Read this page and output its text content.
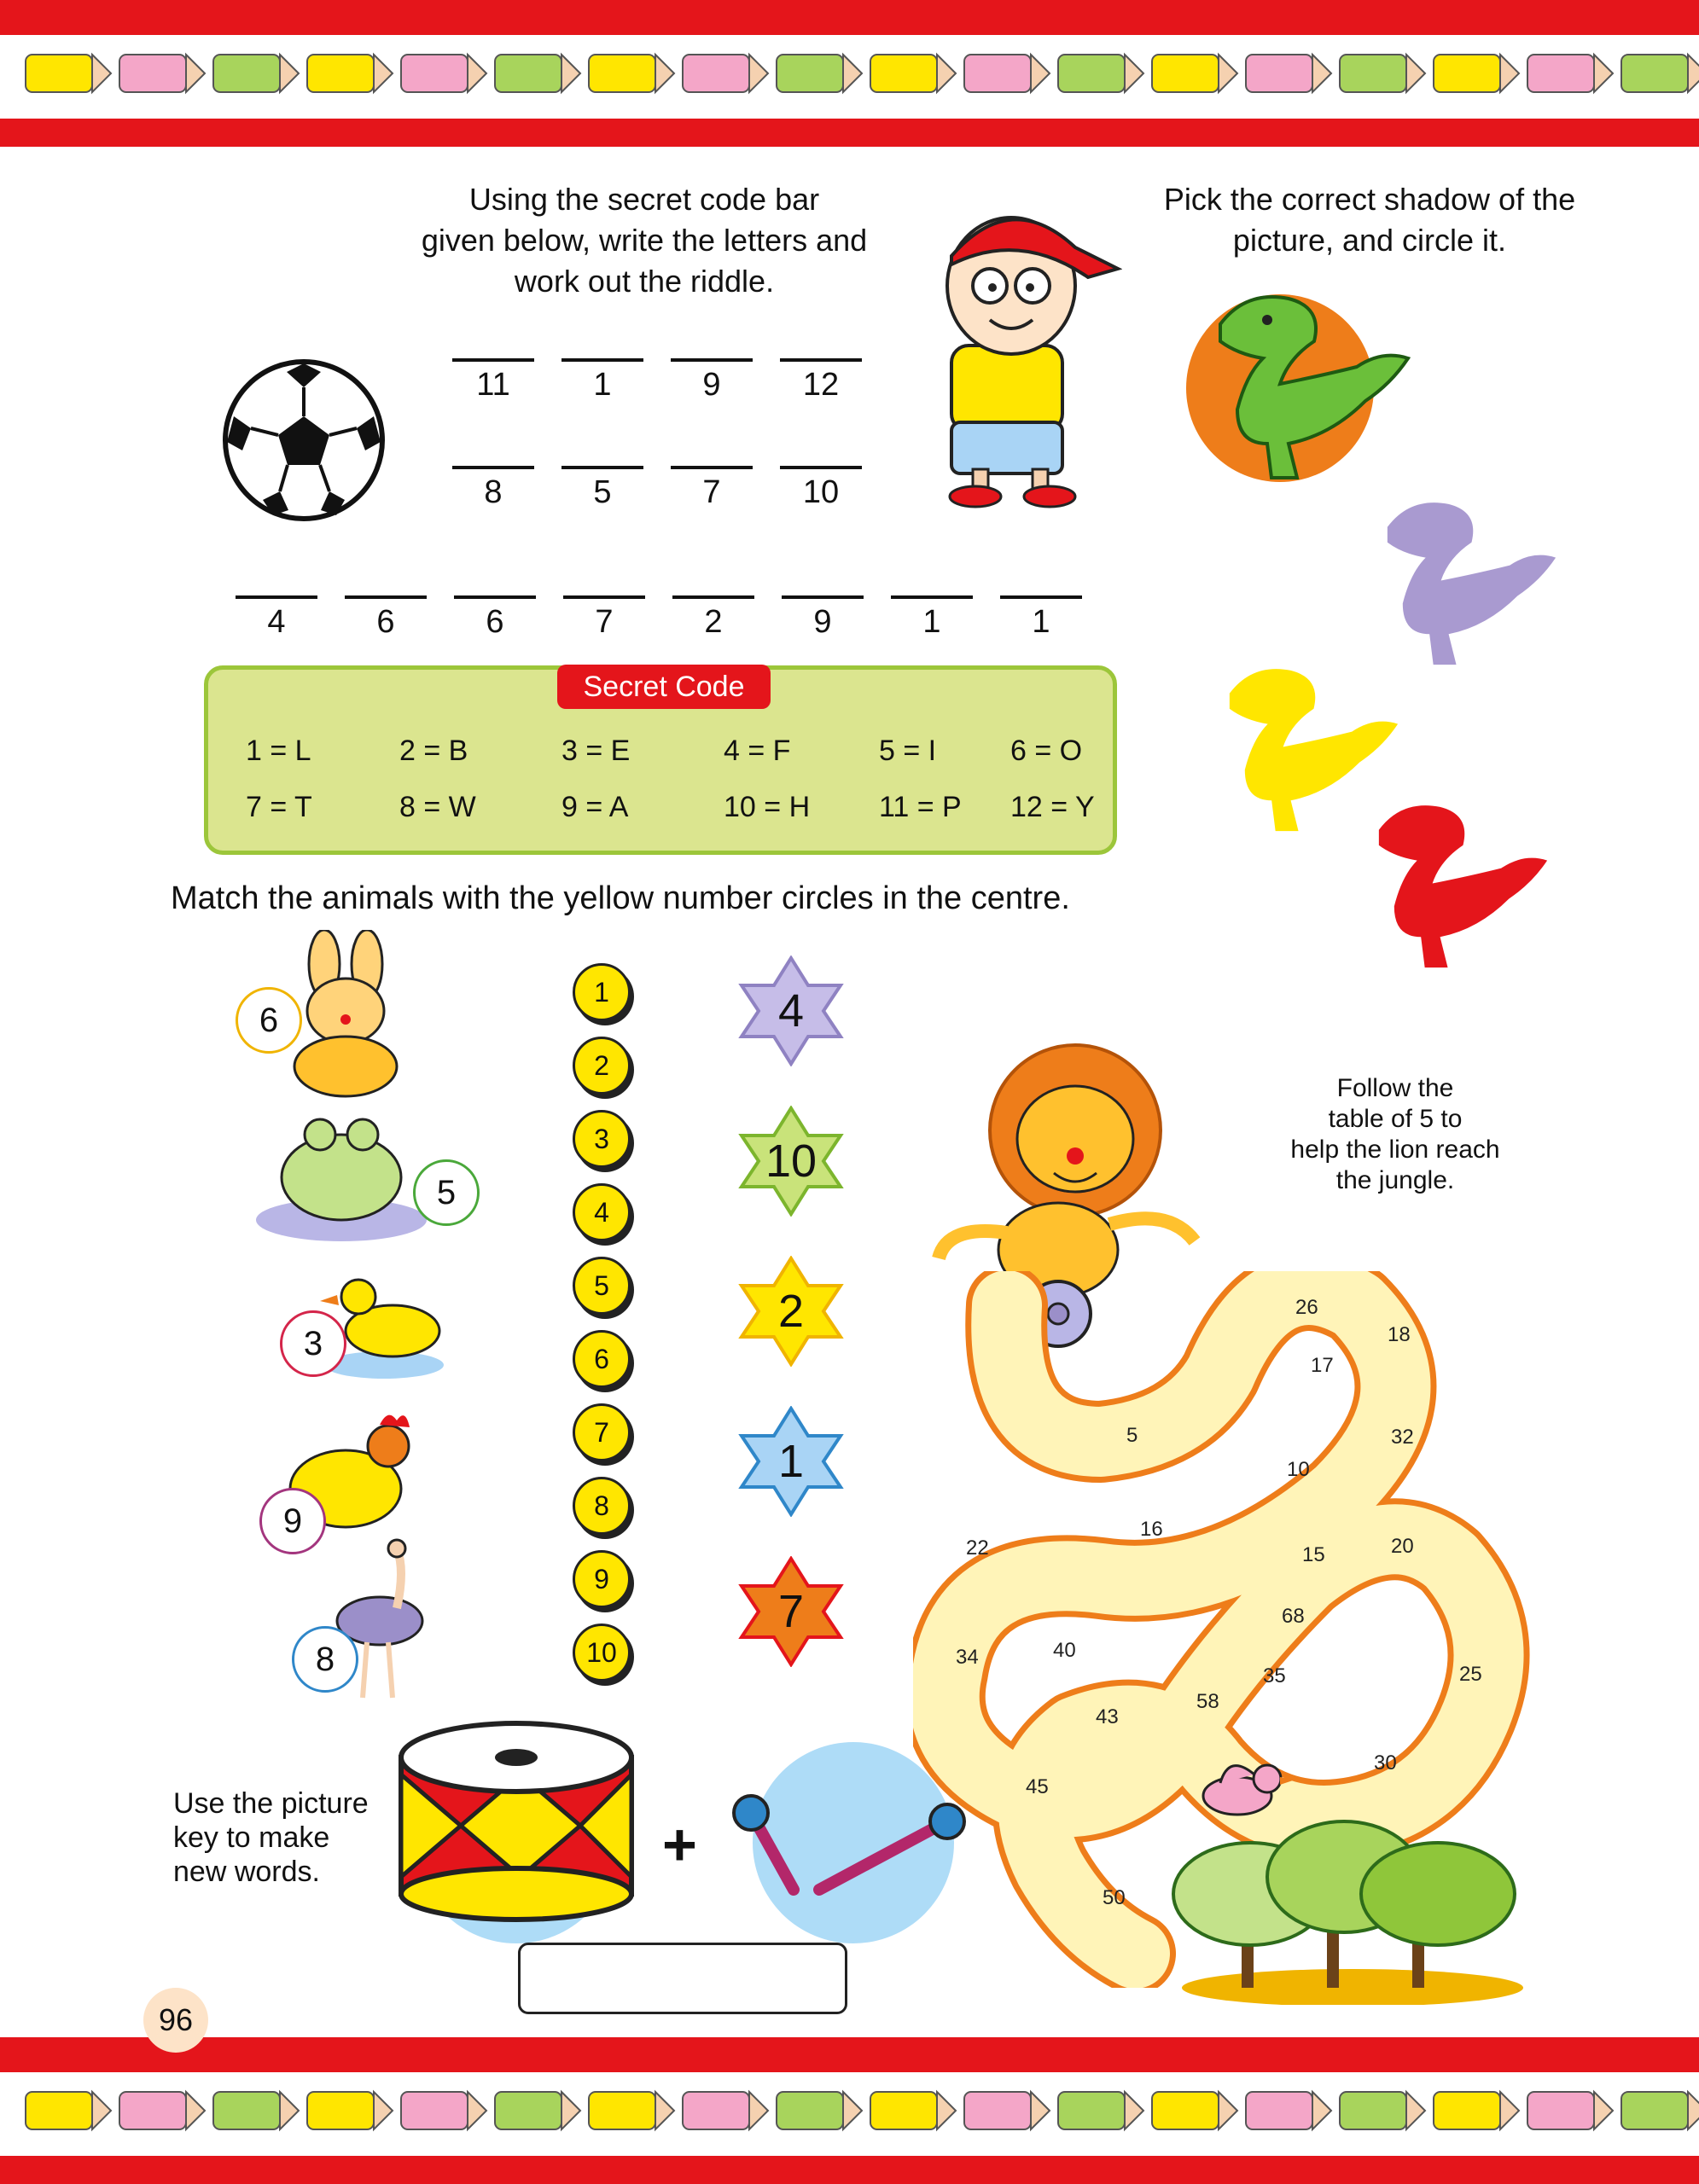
Using the secret code bar
given below, write the letters and
work out the riddle.
11	1	9	12
8	5	7	10
4	6	6	7	2	9	1	1
Secret Code
1 = L	2 = B	3 = E	4 = F	5 = I	6 = O
7 = T	8 = W	9 = A	10 = H 11 = P 12 = Y
Pick the correct shadow of the
picture, and circle it.
Match the animals with the yellow number circles in the centre.
6
5
3
9
8
1
2
3
4
5
6
7
8
9
10
4
10
2
1
7
Follow the
table of 5 to
help the lion reach
the jungle.
26
18
17
32
5
10
16
22	15	20
68
34	40
35	25
58
43
30
45
50
Use the picture
key to make
new words.	+
96
